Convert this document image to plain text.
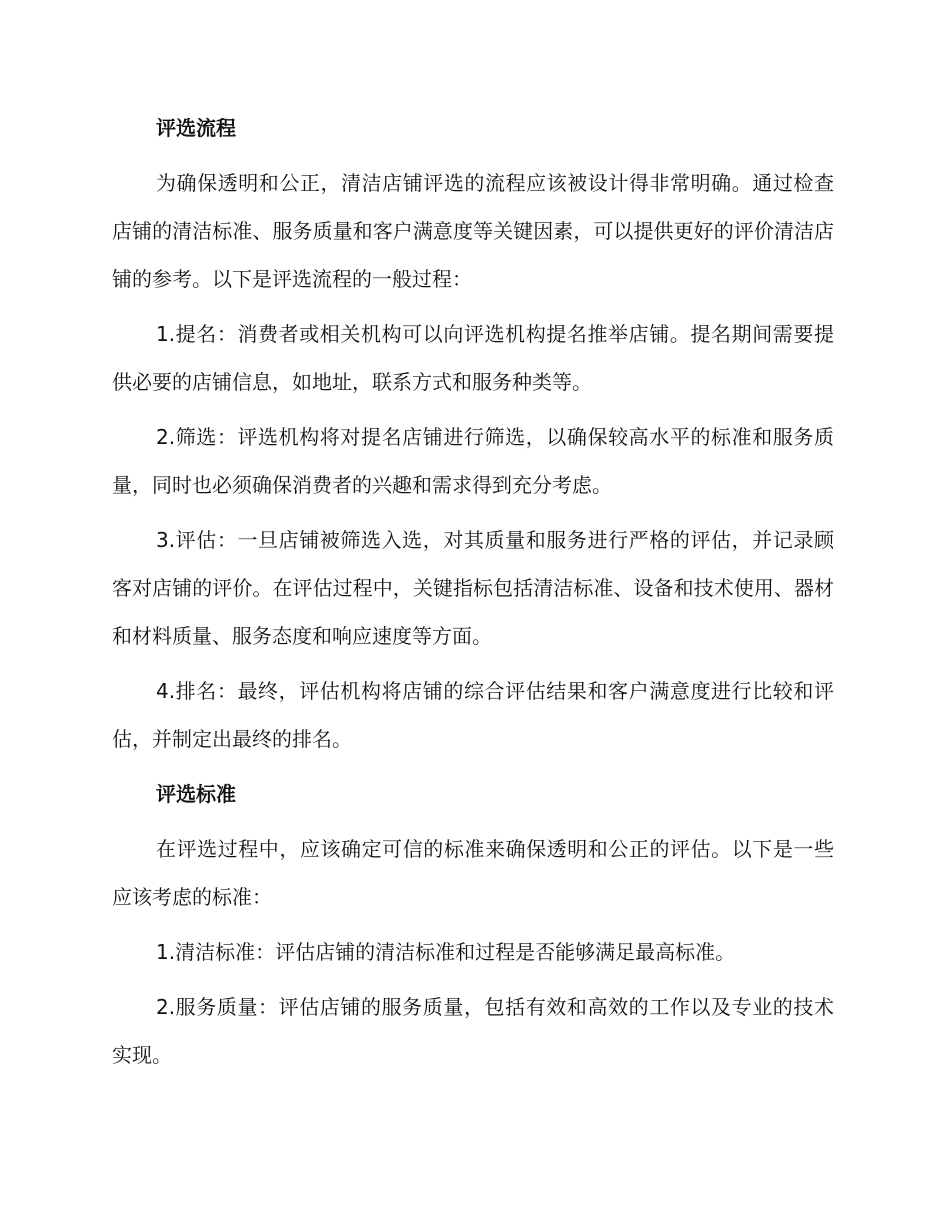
评选流程

为确保透明和公正，清洁店铺评选的流程应该被设计得非常明确。通过检查店铺的清洁标准、服务质量和客户满意度等关键因素，可以提供更好的评价清洁店铺的参考。以下是评选流程的一般过程：

1.提名：消费者或相关机构可以向评选机构提名推举店铺。提名期间需要提供必要的店铺信息，如地址，联系方式和服务种类等。

2.筛选：评选机构将对提名店铺进行筛选，以确保较高水平的标准和服务质量，同时也必须确保消费者的兴趣和需求得到充分考虑。

3.评估：一旦店铺被筛选入选，对其质量和服务进行严格的评估，并记录顾客对店铺的评价。在评估过程中，关键指标包括清洁标准、设备和技术使用、器材和材料质量、服务态度和响应速度等方面。

4.排名：最终，评估机构将店铺的综合评估结果和客户满意度进行比较和评估，并制定出最终的排名。

评选标准

在评选过程中，应该确定可信的标准来确保透明和公正的评估。以下是一些应该考虑的标准：

1.清洁标准：评估店铺的清洁标准和过程是否能够满足最高标准。

2.服务质量：评估店铺的服务质量，包括有效和高效的工作以及专业的技术实现。
